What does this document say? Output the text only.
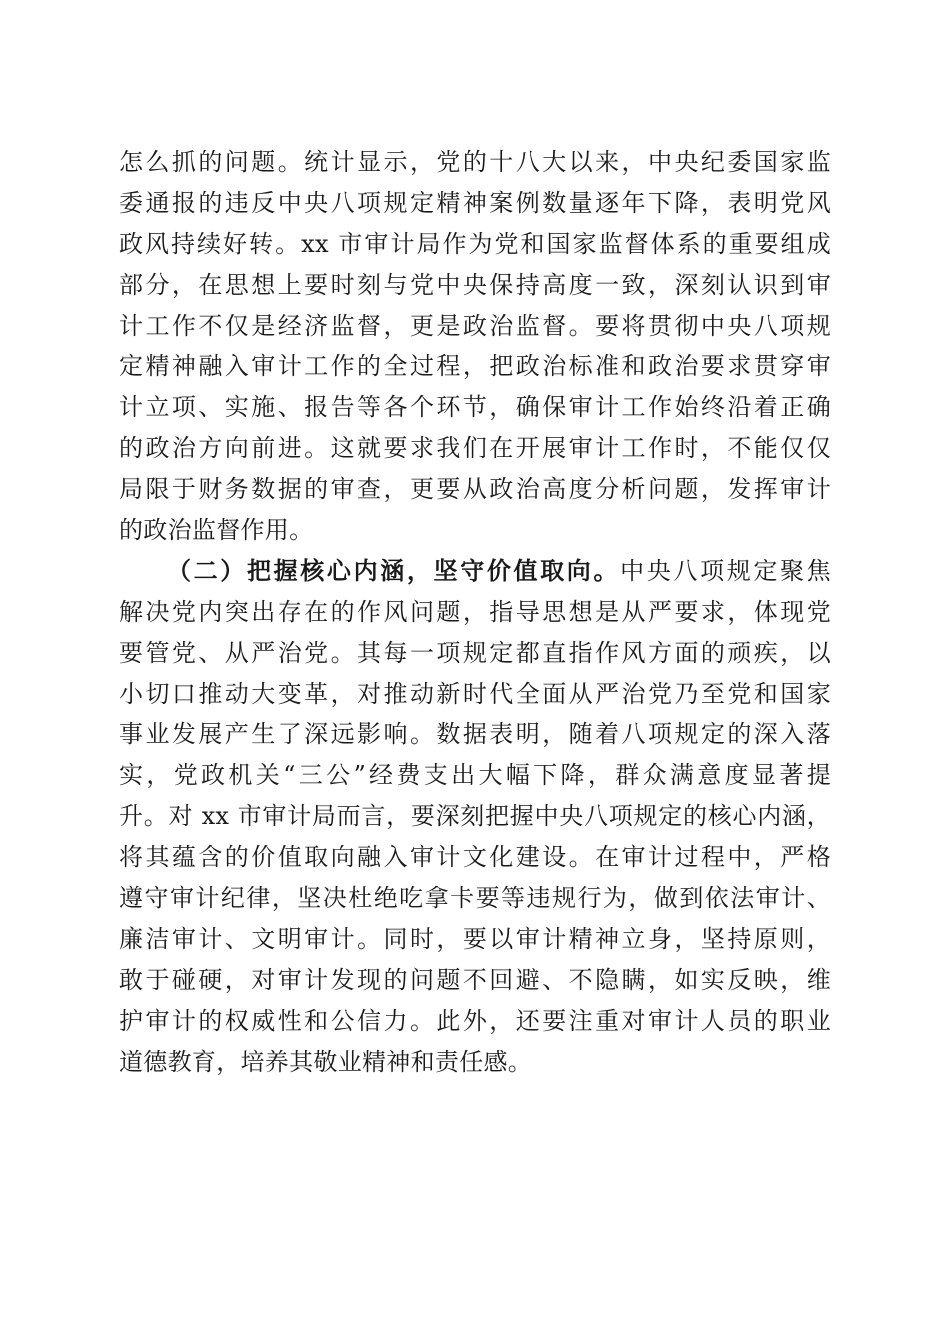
怎么抓的问题。统计显示，党的十八大以来，中央纪委国家监
委通报的违反中央八项规定精神案例数量逐年下降，表明党风
政风持续好转。xx 市审计局作为党和国家监督体系的重要组成
部分，在思想上要时刻与党中央保持高度一致，深刻认识到审
计工作不仅是经济监督，更是政治监督。要将贯彻中央八项规
定精神融入审计工作的全过程，把政治标准和政治要求贯穿审
计立项、实施、报告等各个环节，确保审计工作始终沿着正确
的政治方向前进。这就要求我们在开展审计工作时，不能仅仅
局限于财务数据的审查，更要从政治高度分析问题，发挥审计
的政治监督作用。
（二）把握核心内涵，坚守价值取向。中央八项规定聚焦
解决党内突出存在的作风问题，指导思想是从严要求，体现党
要管党、从严治党。其每一项规定都直指作风方面的顽疾，以
小切口推动大变革，对推动新时代全面从严治党乃至党和国家
事业发展产生了深远影响。数据表明，随着八项规定的深入落
实，党政机关“三公”经费支出大幅下降，群众满意度显著提
升。对 xx 市审计局而言，要深刻把握中央八项规定的核心内涵，
将其蕴含的价值取向融入审计文化建设。在审计过程中，严格
遵守审计纪律，坚决杜绝吃拿卡要等违规行为，做到依法审计、
廉洁审计、文明审计。同时，要以审计精神立身，坚持原则，
敢于碰硬，对审计发现的问题不回避、不隐瞒，如实反映，维
护审计的权威性和公信力。此外，还要注重对审计人员的职业
道德教育，培养其敬业精神和责任感。
